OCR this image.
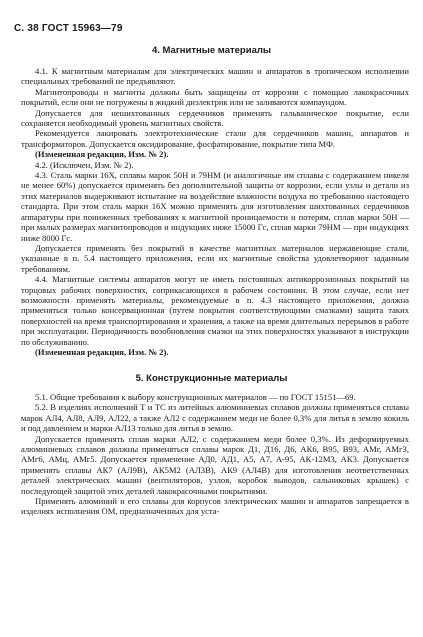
С. 38 ГОСТ 15963—79
4. Магнитные материалы

4.1. К магнитным материалам для электрических машин и аппаратов в тропическом исполнении специальных требований не предъявляют.

Магнитопроводы и магниты должны быть защищены от коррозии с помощью лакокрасочных покрытий, если они не погружены в жидкий диэлектрик или не заливаются компаундом.

Допускается для нешихтованных сердечников применять гальваническое покрытие, если сохраняется необходимый уровень магнитных свойств.

Рекомендуется лакировать электротехнические стали для сердечников машин, аппаратов и трансформаторов. Допускается оксидирование, фосфатирование, покрытие типа МФ.

(Измененная редакция, Изм. № 2).

4.2. (Исключен, Изм. № 2).

4.3. Сталь марки 16Х, сплавы марок 50Н и 79НМ (и аналогичные им сплавы с содержанием никеля не менее 60%) допускается применять без дополнительной защиты от коррозии, если узлы и детали из этих материалов выдерживают испытание на воздействие влажности воздуха по требованию настоящего стандарта. При этом сталь марки 16Х можно применять для изготовления шихтованных сердечников аппаратуры при пониженных требованиях к магнитной проницаемости и потерям, сплав марки 50Н — при малых размерах магнитопроводов и индукциях ниже 15000 Гс, сплав марки 79НМ — при индукциях ниже 8000 Гс.

Допускается применять без покрытий в качестве магнитных материалов нержавеющие стали, указанные в п. 5.4 настоящего приложения, если их магнитные свойства удовлетворяют заданным требованиям.

4.4. Магнитные системы аппаратов могут не иметь постоянных антикоррозионных покрытий на торцовых рабочих поверхностях, соприкасающихся в рабочем состоянии. В этом случае, если нет возможности применять материалы, рекомендуемые в п. 4.3 настоящего приложения, должна применяться только консервационная (путем покрытия соответствующими смазками) защита таких поверхностей на время транспортирования и хранения, а также на время длительных перерывов в работе при эксплуатации. Периодичность возобновления смазки на этих поверхностях указывают в инструкции по обслуживанию.

(Измененная редакция, Изм. № 2).

5. Конструкционные материалы

5.1. Общие требования к выбору конструкционных материалов — по ГОСТ 15151—69.

5.2. В изделиях исполнений Т и ТС из литейных алюминиевых сплавов должны применяться сплавы марок АЛ4, АЛ8, АЛ9, АЛ22, а также АЛ2 с содержанием меди не более 0,3% для литья в землю кокиль и под давлением и марки АЛ13 только для литья в землю.

Допускается применять сплав марки АЛ2, с содержанием меди более 0,3%. Из деформируемых алюминиевых сплавов должны применяться сплавы марок Д1, Д16, Д6, АК6, В95, В93, АМг, АМг3, АМг6, АМц, АМг5. Допускается применение АД0, АД1, А5, А7, А-95, АК-12М3, АК3. Допускается применять сплавы АК7 (АЛ9В), АК5М2 (АЛ3В), АК9 (АЛ4В) для изготовления неответственных деталей электрических машин (вентиляторов, узлов, коробок выводов, сальниковых крышек) с последующей защитой этих деталей лакокрасочными покрытиями.

Применять алюминий и его сплавы для корпусов электрических машин и аппаратов запрещается в изделиях исполнения ОМ, предназначенных для уста-
